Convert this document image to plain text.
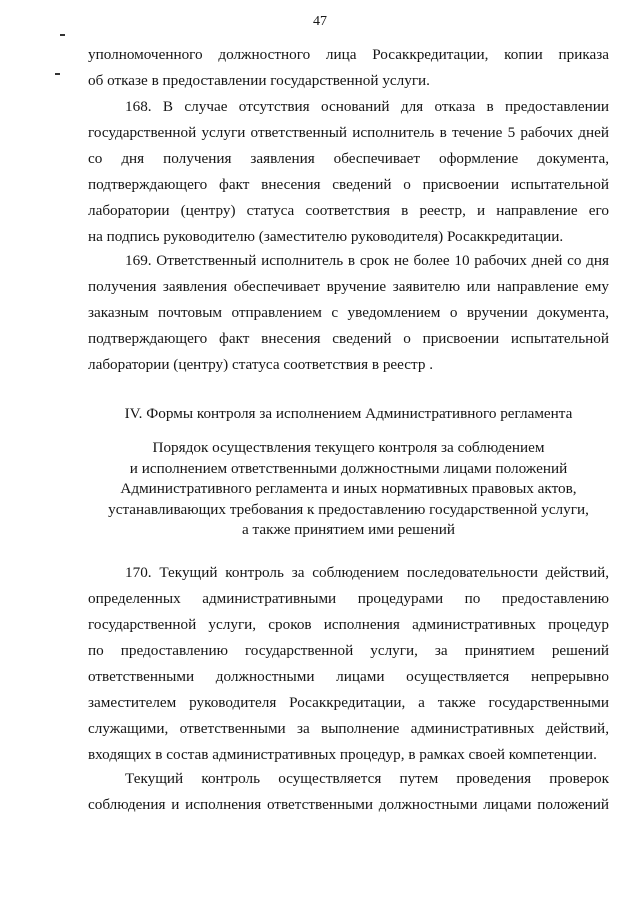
47
уполномоченного должностного лица Росаккредитации, копии приказа
об отказе в предоставлении государственной услуги.
168. В случае отсутствия оснований для отказа в предоставлении
государственной услуги ответственный исполнитель в течение 5 рабочих дней
со дня получения заявления обеспечивает оформление документа,
подтверждающего факт внесения сведений о присвоении испытательной
лаборатории (центру) статуса соответствия в реестр, и направление его
на подпись руководителю (заместителю руководителя) Росаккредитации.
169. Ответственный исполнитель в срок не более 10 рабочих дней со дня
получения заявления обеспечивает вручение заявителю или направление ему
заказным почтовым отправлением с уведомлением о вручении документа,
подтверждающего факт внесения сведений о присвоении испытательной
лаборатории (центру) статуса соответствия в реестр .
IV. Формы контроля за исполнением Административного регламента
Порядок осуществления текущего контроля за соблюдением
и исполнением ответственными должностными лицами положений
Административного регламента и иных нормативных правовых актов,
устанавливающих требования к предоставлению государственной услуги,
а также принятием ими решений
170. Текущий контроль за соблюдением последовательности действий,
определенных административными процедурами по предоставлению
государственной услуги, сроков исполнения административных процедур
по предоставлению государственной услуги, за принятием решений
ответственными должностными лицами осуществляется непрерывно
заместителем руководителя Росаккредитации, а также государственными
служащими, ответственными за выполнение административных действий,
входящих в состав административных процедур, в рамках своей компетенции.
Текущий контроль осуществляется путем проведения проверок
соблюдения и исполнения ответственными должностными лицами положений
